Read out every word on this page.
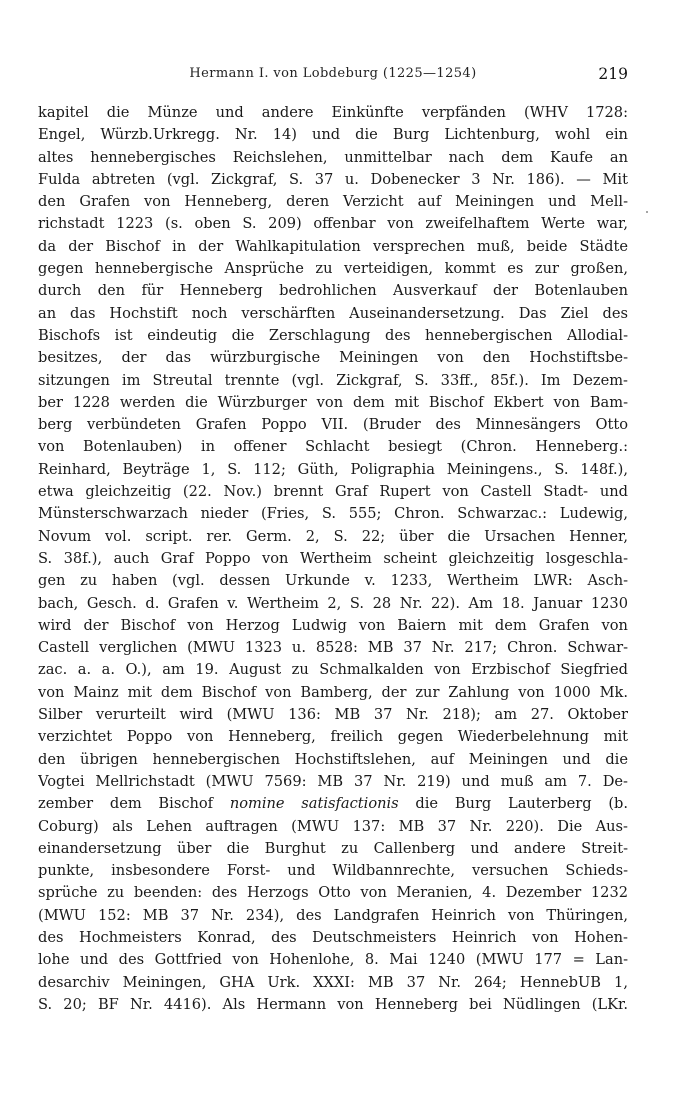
Hermann I. von Lobdeburg (1225—1254)	219
kapitel die Münze und andere Einkünfte verpfänden (WHV 1728:
Engel, Würzb.Urkregg. Nr. 14) und die Burg Lichtenburg, wohl ein
altes hennebergisches Reichslehen, unmittelbar nach dem Kaufe an
Fulda abtreten (vgl. Zickgraf, S. 37 u. Dobenecker 3 Nr. 186). — Mit
den Grafen von Henneberg, deren Verzicht auf Meiningen und Mell-
richstadt 1223 (s. oben S. 209) offenbar von zweifelhaftem Werte war,
da der Bischof in der Wahlkapitulation versprechen muß, beide Städte
gegen hennebergische Ansprüche zu verteidigen, kommt es zur großen,
durch den für Henneberg bedrohlichen Ausverkauf der Botenlauben
an das Hochstift noch verschärften Auseinandersetzung. Das Ziel des
Bischofs ist eindeutig die Zerschlagung des hennebergischen Allodial-
besitzes, der das würzburgische Meiningen von den Hochstiftsbe-
sitzungen im Streutal trennte (vgl. Zickgraf, S. 33ff., 85f.). Im Dezem-
ber 1228 werden die Würzburger von dem mit Bischof Ekbert von Bam-
berg verbündeten Grafen Poppo VII. (Bruder des Minnesängers Otto
von Botenlauben) in offener Schlacht besiegt (Chron. Henneberg.:
Reinhard, Beyträge 1, S. 112; Güth, Poligraphia Meiningens., S. 148f.),
etwa gleichzeitig (22. Nov.) brennt Graf Rupert von Castell Stadt- und
Münsterschwarzach nieder (Fries, S. 555; Chron. Schwarzac.: Ludewig,
Novum vol. script. rer. Germ. 2, S. 22; über die Ursachen Henner,
S. 38f.), auch Graf Poppo von Wertheim scheint gleichzeitig losgeschla-
gen zu haben (vgl. dessen Urkunde v. 1233, Wertheim LWR: Asch-
bach, Gesch. d. Grafen v. Wertheim 2, S. 28 Nr. 22). Am 18. Januar 1230
wird der Bischof von Herzog Ludwig von Baiern mit dem Grafen von
Castell verglichen (MWU 1323 u. 8528: MB 37 Nr. 217; Chron. Schwar-
zac. a. a. O.), am 19. August zu Schmalkalden von Erzbischof Siegfried
von Mainz mit dem Bischof von Bamberg, der zur Zahlung von 1000 Mk.
Silber verurteilt wird (MWU 136: MB 37 Nr. 218); am 27. Oktober
verzichtet Poppo von Henneberg, freilich gegen Wiederbelehnung mit
den übrigen hennebergischen Hochstiftslehen, auf Meiningen und die
Vogtei Mellrichstadt (MWU 7569: MB 37 Nr. 219) und muß am 7. De-
zember dem Bischof nomine satisfactionis die Burg Lauterberg (b.
Coburg) als Lehen auftragen (MWU 137: MB 37 Nr. 220). Die Aus-
einandersetzung über die Burghut zu Callenberg und andere Streit-
punkte, insbesondere Forst- und Wildbannrechte, versuchen Schieds-
sprüche zu beenden: des Herzogs Otto von Meranien, 4. Dezember 1232
(MWU 152: MB 37 Nr. 234), des Landgrafen Heinrich von Thüringen,
des Hochmeisters Konrad, des Deutschmeisters Heinrich von Hohen-
lohe und des Gottfried von Hohenlohe, 8. Mai 1240 (MWU 177 = Lan-
desarchiv Meiningen, GHA Urk. XXXI: MB 37 Nr. 264; HennebUB 1,
S. 20; BF Nr. 4416). Als Hermann von Henneberg bei Nüdlingen (LKr.
